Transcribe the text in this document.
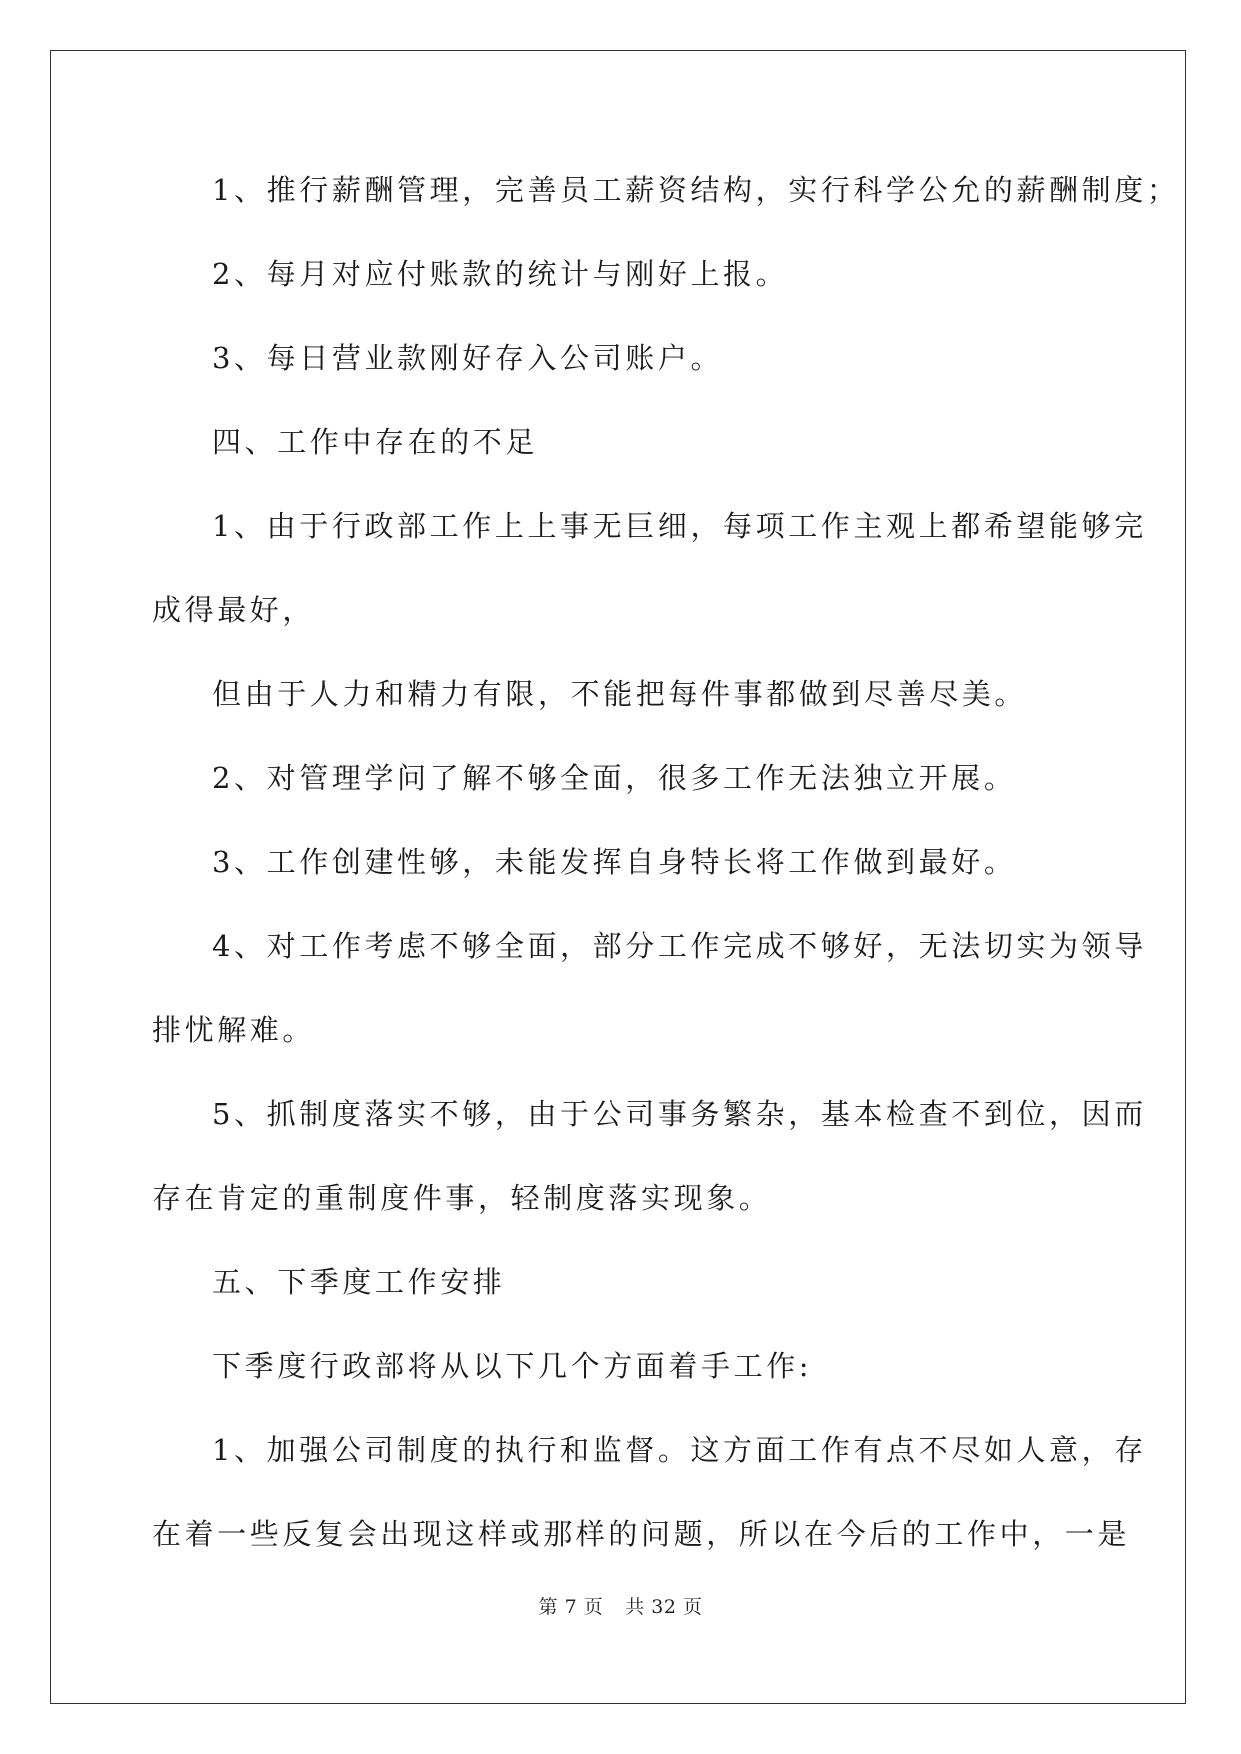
1、推行薪酬管理，完善员工薪资结构，实行科学公允的薪酬制度；
2、每月对应付账款的统计与刚好上报。
3、每日营业款刚好存入公司账户。
四、工作中存在的不足
1、由于行政部工作上上事无巨细，每项工作主观上都希望能够完
成得最好，
但由于人力和精力有限，不能把每件事都做到尽善尽美。
2、对管理学问了解不够全面，很多工作无法独立开展。
3、工作创建性够，未能发挥自身特长将工作做到最好。
4、对工作考虑不够全面，部分工作完成不够好，无法切实为领导
排忧解难。
5、抓制度落实不够，由于公司事务繁杂，基本检查不到位，因而
存在肯定的重制度件事，轻制度落实现象。
五、下季度工作安排
下季度行政部将从以下几个方面着手工作:
1、加强公司制度的执行和监督。这方面工作有点不尽如人意，存
在着一些反复会出现这样或那样的问题，所以在今后的工作中，一是
第 7 页 共 32 页
